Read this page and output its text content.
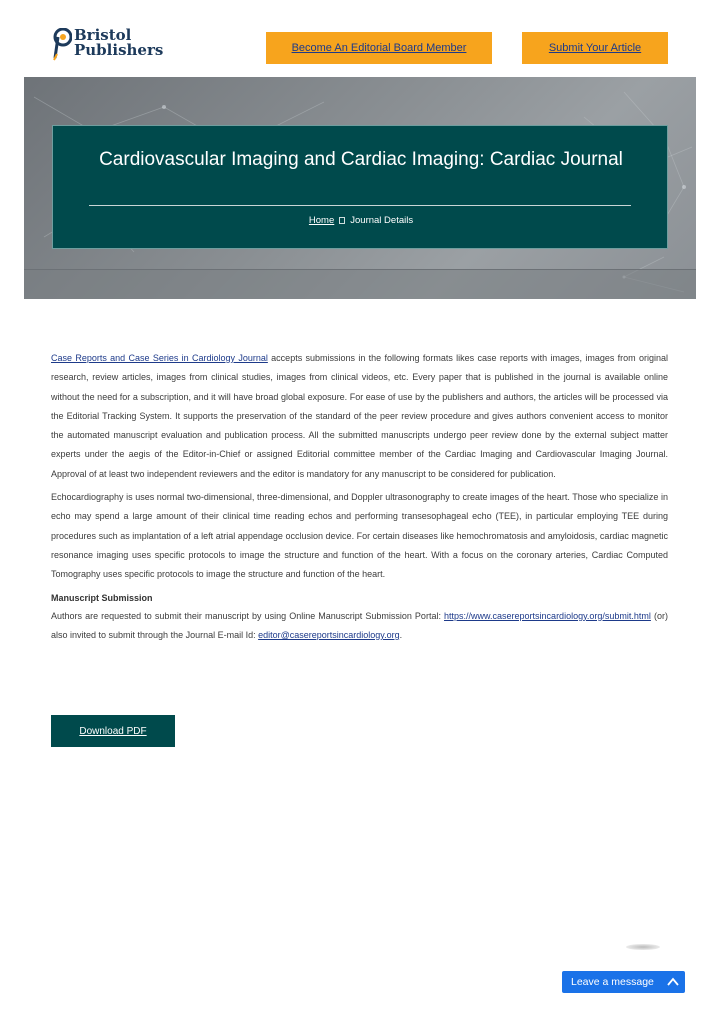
Bristol
Publishers	Become An Editorial Board Member	Submit Your Article
Cardiovascular Imaging and Cardiac Imaging: Cardiac Journal
Home Journal Details

Case Reports and Case Series in Cardiology Journal accepts submissions in the following formats likes case reports with images, images from original research, review articles, images from clinical studies, images from clinical videos, etc. Every paper that is published in the journal is available online without the need for a subscription, and it will have broad global exposure. For ease of use by the publishers and authors, the articles will be processed via the Editorial Tracking System. It supports the preservation of the standard of the peer review procedure and gives authors convenient access to monitor the automated manuscript evaluation and publication process. All the submitted manuscripts undergo peer review done by the external subject matter experts under the aegis of the Editor-in-Chief or assigned Editorial committee member of the Cardiac Imaging and Cardiovascular Imaging Journal. Approval of at least two independent reviewers and the editor is mandatory for any manuscript to be considered for publication.

Echocardiography is uses normal two-dimensional, three-dimensional, and Doppler ultrasonography to create images of the heart. Those who specialize in echo may spend a large amount of their clinical time reading echos and performing transesophageal echo (TEE), in particular employing TEE during procedures such as implantation of a left atrial appendage occlusion device. For certain diseases like hemochromatosis and amyloidosis, cardiac magnetic resonance imaging uses specific protocols to image the structure and function of the heart. With a focus on the coronary arteries, Cardiac Computed Tomography uses specific protocols to image the structure and function of the heart.

Manuscript Submission

Authors are requested to submit their manuscript by using Online Manuscript Submission Portal: https://www.casereportsincardiology.org/submit.html (or) also invited to submit through the Journal E-mail Id: editor@casereportsincardiology.org.

Download PDF
Leave a message
